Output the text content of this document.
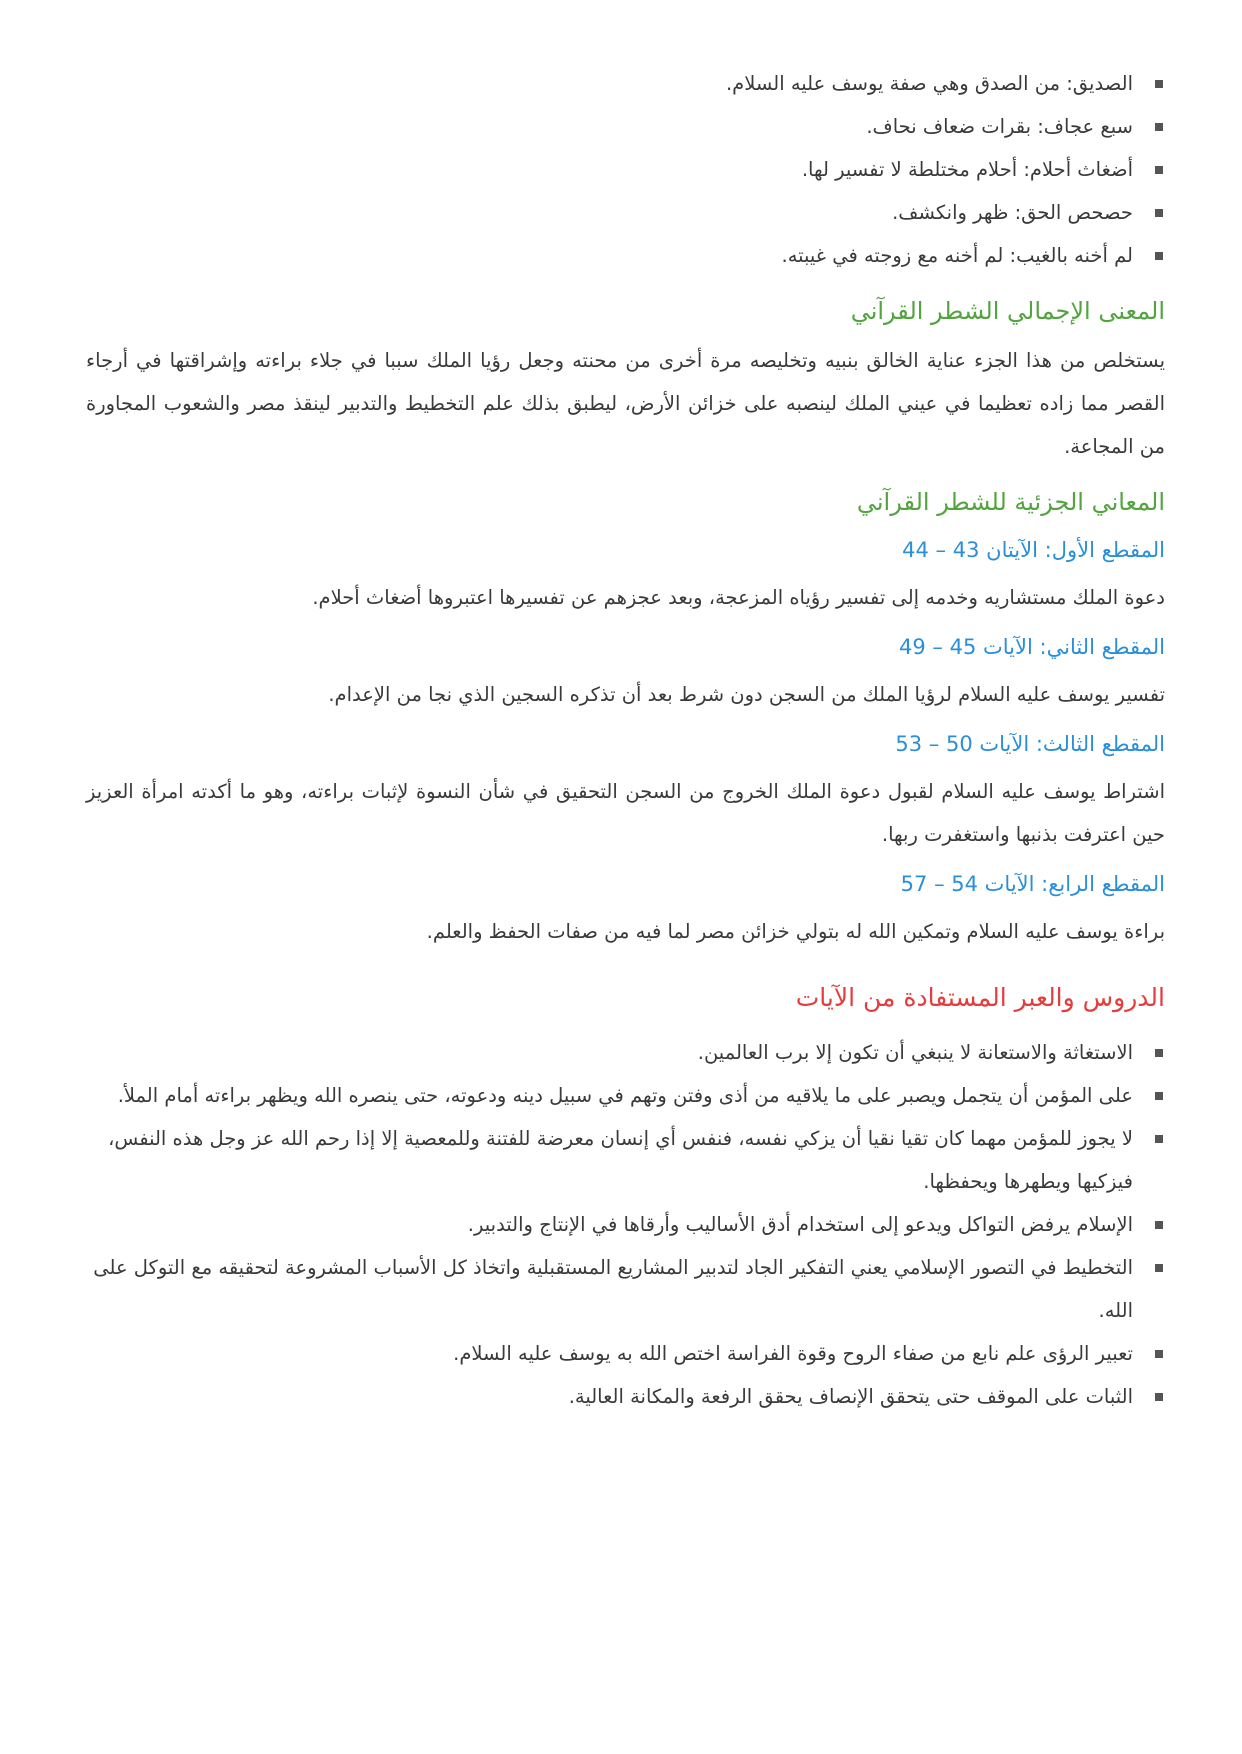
الصديق: من الصدق وهي صفة يوسف عليه السلام.
سبع عجاف: بقرات ضعاف نحاف.
أضغاث أحلام: أحلام مختلطة لا تفسير لها.
حصحص الحق: ظهر وانكشف.
لم أخنه بالغيب: لم أخنه مع زوجته في غيبته.
المعنى الإجمالي الشطر القرآني

يستخلص من هذا الجزء عناية الخالق بنبيه وتخليصه مرة أخرى من محنته وجعل رؤيا الملك سببا في جلاء براءته وإشراقتها في أرجاء القصر مما زاده تعظيما في عيني الملك لينصبه على خزائن الأرض، ليطبق بذلك علم التخطيط والتدبير لينقذ مصر والشعوب المجاورة من المجاعة.

المعاني الجزئية للشطر القرآني
المقطع الأول: الآيتان 43 – 44

دعوة الملك مستشاريه وخدمه إلى تفسير رؤياه المزعجة، وبعد عجزهم عن تفسيرها اعتبروها أضغاث أحلام.

المقطع الثاني: الآيات 45 – 49

تفسير يوسف عليه السلام لرؤيا الملك من السجن دون شرط بعد أن تذكره السجين الذي نجا من الإعدام.

المقطع الثالث: الآيات 50 – 53

اشتراط يوسف عليه السلام لقبول دعوة الملك الخروج من السجن التحقيق في شأن النسوة لإثبات براءته، وهو ما أكدته امرأة العزيز حين اعترفت بذنبها واستغفرت ربها.

المقطع الرابع: الآيات 54 – 57

براءة يوسف عليه السلام وتمكين الله له بتولي خزائن مصر لما فيه من صفات الحفظ والعلم.

الدروس والعبر المستفادة من الآيات
الاستغاثة والاستعانة لا ينبغي أن تكون إلا برب العالمين.
على المؤمن أن يتجمل ويصبر على ما يلاقيه من أذى وفتن وتهم في سبيل دينه ودعوته، حتى ينصره الله ويظهر براءته أمام الملأ.
لا يجوز للمؤمن مهما كان تقيا نقيا أن يزكي نفسه، فنفس أي إنسان معرضة للفتنة وللمعصية إلا إذا رحم الله عز وجل هذه النفس، فيزكيها ويطهرها ويحفظها.
الإسلام يرفض التواكل ويدعو إلى استخدام أدق الأساليب وأرقاها في الإنتاج والتدبير.
التخطيط في التصور الإسلامي يعني التفكير الجاد لتدبير المشاريع المستقبلية واتخاذ كل الأسباب المشروعة لتحقيقه مع التوكل على الله.
تعبير الرؤى علم نابع من صفاء الروح وقوة الفراسة اختص الله به يوسف عليه السلام.
الثبات على الموقف حتى يتحقق الإنصاف يحقق الرفعة والمكانة العالية.
